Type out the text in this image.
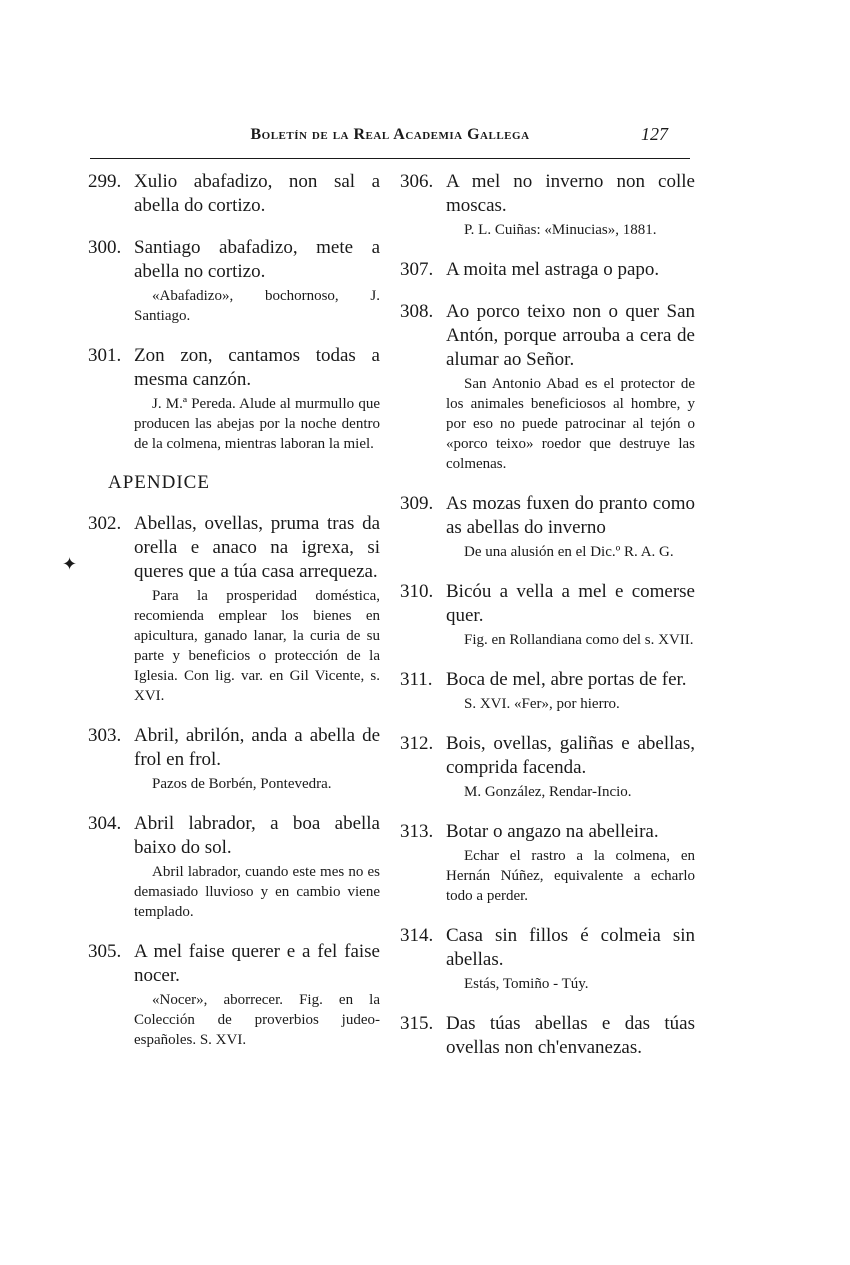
Boletín de la Real Academia Gallega	127
✦
299. Xulio abafadizo, non sal a abella do cortizo.
300. Santiago abafadizo, mete a abella no cortizo.
«Abafadizo», bochornoso, J. Santiago.
301. Zon zon, cantamos todas a mesma canzón.
J. M.ª Pereda. Alude al murmullo que producen las abejas por la noche dentro de la colmena, mientras laboran la miel.
APENDICE
302. Abellas, ovellas, pruma tras da orella e anaco na igrexa, si queres que a túa casa arrequeza.
Para la prosperidad doméstica, recomienda emplear los bienes en apicultura, ganado lanar, la curia de su parte y beneficios o protección de la Iglesia. Con lig. var. en Gil Vicente, s. XVI.
303. Abril, abrilón, anda a abella de frol en frol.
Pazos de Borbén, Pontevedra.
304. Abril labrador, a boa abella baixo do sol.
Abril labrador, cuando este mes no es demasiado lluvioso y en cambio viene templado.
305. A mel faise querer e a fel faise nocer.
«Nocer», aborrecer. Fig. en la Colección de proverbios judeo-españoles. S. XVI.
306. A mel no inverno non colle moscas.
P. L. Cuiñas: «Minucias», 1881.
307. A moita mel astraga o papo.
308. Ao porco teixo non o quer San Antón, porque arrouba a cera de alumar ao Señor.
San Antonio Abad es el protector de los animales beneficiosos al hombre, y por eso no puede patrocinar al tejón o «porco teixo» roedor que destruye las colmenas.
309. As mozas fuxen do pranto como as abellas do inverno
De una alusión en el Dic.º R. A. G.
310. Bicóu a vella a mel e comerse quer.
Fig. en Rollandiana como del s. XVII.
311. Boca de mel, abre portas de fer.
S. XVI. «Fer», por hierro.
312. Bois, ovellas, galiñas e abellas, comprida facenda.
M. González, Rendar-Incio.
313. Botar o angazo na abelleira.
Echar el rastro a la colmena, en Hernán Núñez, equivalente a echarlo todo a perder.
314. Casa sin fillos é colmeia sin abellas.
Estás, Tomiño - Túy.
315. Das túas abellas e das túas ovellas non ch'envanezas.
